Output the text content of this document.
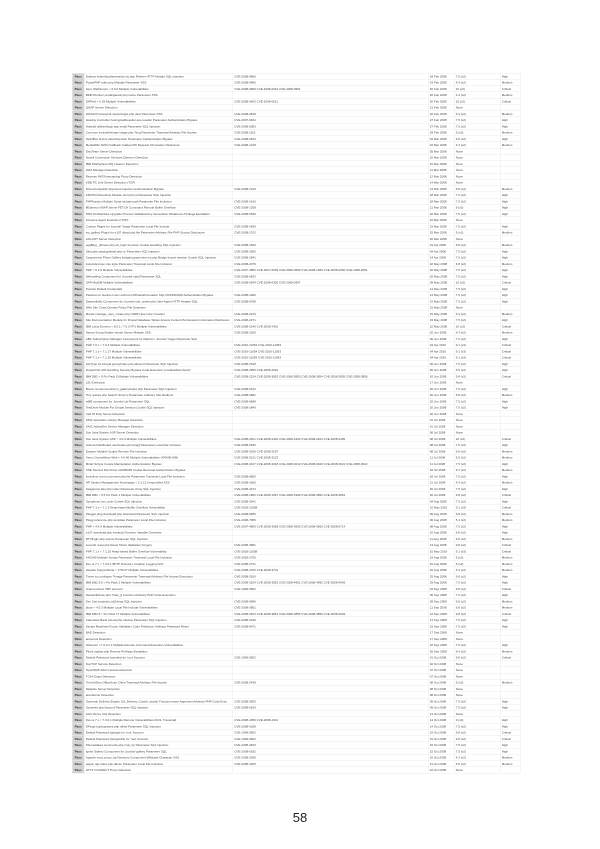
Pass	Dokeos index/dochlarents/do.inc.php Referer HTTP Header SQL Injection	CVE-2008-0860	18 Feb 2008	7.5 (v2)	High
Pass	PowerPHP rules.php Multiple Parameter XSS	CVE-2008-0996	19 Feb 2008	4.3 (v2)	Medium
Pass	Hero WebServer < 6.0.0 Multiple Vulnerabilities	CVE-2008-0969 CVE-2008-0916 CVE-2008-0951	20 Feb 2008	10 (v2)	Critical
Pass	B&B Plumber portal/gaucal.php name Parameter XSS		20 Feb 2008	4.3 (v2)	Medium
Pass	DiFRed < 0.29 Multiple Vulnerabilities	CVE-2008-0653 CVE-2008-0611	20 Feb 2008	10 (v2)	Critical
Pass	QNAP Server Detection		21 Feb 2008	None	
Pass	DOSAll Framework views/single.php dest Parameter XSS	CVE-2008-0819	22 Feb 2008	4.3 (v2)	Medium
Pass	Hosting Controller hosting/addreseller.asp reseller Parameter Authentication Bypass	CVE-2007-6494	27 Feb 2008	7.5 (v2)	High
Pass	Nukedit utilities/login.asp email Parameter SQL Injection	CVE-2008-0083	27 Feb 2008	7.5 (v2)	High
Pass	Common Include/bin/get-image.php ?img Parameter Traversal Arbitrary File Access	CVE-2008-1116	29 Feb 2008	5 (v2)	Medium
Pass	NetOffice Dwins detect/session Parameter Authentication Bypass	CVE-2008-0544	04 Mar 2008	6.8 (v2)	High
Pass	MediaWiki JSON Callback Crafted API Request Information Disclosure	CVE-2008-1318	04 Mar 2008	4.3 (v2)	Medium
Pass	DiscTeam Server Detection		05 Mar 2008	None	
Pass	Novell Connection Services Daemon Detection		10 Mar 2008	None	
Pass	IBM WebSphere MQ Listener Detection		10 Mar 2008	None	
Pass	AVM Manager Detection		11 Mar 2008	None	
Pass	Reverse NAT/Intercepting Proxy Detection		12 Mar 2008	None	
Pass	KDB PC Link Server Detection (TCP)		14 Mar 2008	None	
Pass	Drivers/vulpublic Argument Injection Authentication Bypass	CVE-2008-1319	14 Mar 2008	6.8 (v2)	Medium
Pass	KDCPC/Ordershop Module print.php id Parameter SQL Injection		18 Mar 2008	7.5 (v2)	High
Pass	PHPAuction Multiple Script include path Parameter File Inclusion	CVE-2008-1416	18 Mar 2008	7.5 (v2)	High
Pass	MDaemon IMAP Server FETCH Command Remote Buffer Overflow	CVE-2008-1358	21 Mar 2008	9 (v2)	High
Pass	DNN DotNetNuke Upgrade Process ValidationKey Generation Weakness Privilege Escalation	CVE-2008-6540	22 Mar 2008	7.5 (v2)	High
Pass	Arcserve Agent Detection (TCP)		22 Mar 2008	None	
Pass	Custom Pages for Joomla! ?page Parameter Local File Include	CVE-2008-1459	23 Mar 2008	7.5 (v2)	High
Pass	my_gallery Plugin for e107 dload.php file Parameter Arbitrary File PHP Source Disclosure	CVE-2008-1702	25 Mar 2008	5 (v2)	Medium
Pass	AOLUNT Server Detection		26 Mar 2008	None	
Pass	eggBlog _lib/user.php eb_login Function Cookie Handling SQL Injection	CVE-2008-1626	01 Apr 2008	6.8 (v2)	Medium
Pass	SiteLight catalog/detail.php no Parameter SQL Injection	CVE-2008-1850	04 Apr 2008	7.5 (v2)	High
Pass	Coppermine Photo Gallery bridge/coppermine.inc.php Bridge Import session Cookie SQL Injection	CVE-2008-1841	14 Apr 2008	7.5 (v2)	High
Pass	Autoindex/use Use style Parameter Traversal Local File Inclusion	CVE-2008-2076	02 May 2008	6.8 (v2)	Medium
Pass	PHP < 5.2.6 Multiple Vulnerabilities	CVE-2007-4850 CVE-2007-6039 CVE-2008-0599 CVE-2008-1384 CVE-2008-2050 CVE-2008-2051	02 May 2008	7.5 (v2)	High
Pass	Webcalling Component for Joomla! catid Parameter SQL	CVE-2008-6833	02 May 2008	7.5 (v2)	High
Pass	SAP MaxDB Multiple Vulnerabilities	CVE-2008-0244 CVE-2008-0306 CVE-2008-0307	09 May 2008	10 (v2)	Critical
Pass	Postnet Default Credentials		14 May 2008	7.5 (v2)	High
Pass	Peeknet on Gentoo Linux /etc/conf.d/Peekd/incovation SQL PASSWORD Authentication Bypass	CVE-2008-1990	14 May 2008	7.5 (v2)	High
Pass	Datavisibility Component for Joomla! sub_onsite.php User-Agent HTTP Header SQL	CVE-2008-6338	15 May 2008	7.5 (v2)	High
Pass	Web Site Cross Domain Policy File Detection		15 May 2008	None	
Pass	Mantis manage_user_create.php CSRF New User Creation	CVE-2008-2276	15 May 2008	4.3 (v2)	Medium
Pass	Site Documentation Module for Drupal Database Tables Access Content Permissions Information Disclosure	CVE-2008-2271	19 May 2008	7.5 (v2)	High
Pass	IBM Lotus Domino < 8.0.1 / 7.0.3 FP1 Multiple Vulnerabilities	CVE-2008-2240 CVE-2008-2410	22 May 2008	10 (v2)	Critical
Pass	Nanus Snoop/Snake minute Server Multiple XSS	CVE-2008-2205	02 Jun 2008	4.3 (v2)	Medium
Pass	ABC Subscription Manager Component for Mambo / Joomla! ?page Parameter SQL		06 Jun 2008	7.5 (v2)	High
Pass	PHP 7.0.x < 7.0.4 Multiple Vulnerabilities	CVE-2016-11054 CVE-2016-11053	04 Apr 2016	9.1 (v3)	Critical
Pass	PHP 7.1.x < 7.1.17 Multiple Vulnerabilities	CVE-2016-11054 CVE-2016-11053	04 Apr 2016	9.1 (v3)	Critical
Pass	PHP 7.1.x < 7.1.29 Multiple Vulnerabilities	CVE-2016-11054 CVE-2016-11053	04 Apr 2016	9.1 (v3)	Critical
Pass	LifeType for Drupal group/index.php allcount Parameter SQL Injection	CVE-2008-2618	06 Jun 2008	7.5 (v2)	High
Pass	Drupal File UID Handling Security Bypass Code Execution (unclassified check)	CVE-2008-2655 CVE-2008-2646	06 Jun 2008	6.5 (v2)	High
Pass	IBM DB2 < 9 Fix Pack 5 Multiple Vulnerabilities	CVE-2008-2154 CVE-2008-3852 CVE-2008-3853 CVE-2008-3854 CVE-2008-3855 CVE-2008-3856	10 Jun 2008	9.8 (v2)	Critical
Pass	LSU Detection		17 Jun 2008	None	
Pass	Bosco /components/com_gallery/index.php Parameter SQL Injection	CVE-2008-6122	20 Jun 2008	7.5 (v2)	High
Pass	Tiny quotes.php Search Script q Parameter Arbitrary Site Redirect	CVE-2008-6681	20 Jun 2008	5.8 (v2)	Medium
Pass	mBB component for Joomla! cid Parameter SQL	CVE-2008-6688	20 Jun 2008	7.5 (v2)	High
Pass	TestDrive Module For Drupal Session Cookie SQL Injection	CVE-2008-2840	20 Jun 2008	7.5 (v2)	High
Pass	Call Of Duty Server Detection		20 Jun 2008	None	
Pass	SNIC Aptivation Library Manager Detection		01 Jul 2008	None	
Pass	SNIC AptivaDev Device Manager Detection		01 Jul 2008	None	
Pass	Sun Java System ASP Server Detection		06 Jul 2008	None	
Pass	Sun Java System ASP < 4.0.3 Multiple Vulnerabilities	CVE-2008-2401 CVE-2008-2402 CVE-2008-2403 CVE-2008-2404 CVE-2008-2405	08 Jul 2008	10 (v2)	Critical
Pass	Anterra Dashboard user/index.php lang[] Parameter Local File Inclusion	CVE-2008-6635	08 Jul 2008	7.5 (v2)	High
Pass	Drayton Multiple Scripts Remote File Inclusion	CVE-2008-3196 CVE-2008-3197	08 Jul 2008	6.8 (v2)	Medium
Pass	Xerox CentreWare Web < 4.6.46 Multiple Vulnerabilities (XRX08-009)	CVE-2008-3121 CVE-2008-3122	11 Jul 2008	6.5 (v2)	Medium
Pass	Mirab Scripts Cookie Manipulation Authentication Bypass	CVE-2008-3017 CVE-2008-3018 CVE-2008-3019 CVE-2008-3020 CVE-2008-3021 CVE-2008-3022	11 Jul 2008	7.5 (v2)	High
Pass	CSE Second File Driver C0000005 Cookie Reversal Authentication Bypass		18 Jul 2008	5.1 (v2)	Medium
Pass	fuzzylime (cms) comment.php file Parameter Traversal Local File Inclusion	CVE-2008-6853	18 Jul 2008	7.5 (v2)	High
Pass	HP System Management Homepage < 2.1.12 Unspecified XSS	CVE-2008-1663	21 Jul 2008	4.3 (v2)	Medium
Pass	Seagenius dao.php index Parameter Array SQL Injection	CVE-2008-3274	26 Jul 2008	7.5 (v2)	High
Pass	IBM DB2 < 9.5 Fix Pack 1 Multiple Vulnerabilities	CVE-2008-1966 CVE-2008-1997 CVE-2008-1998 CVE-2008-3852 CVE-2008-3854	30 Jul 2008	9.8 (v2)	Critical
Pass	Symphony /um_auth Cookie SQL Injection	CVE-2008-3041	04 Aug 2008	7.5 (v2)	High
Pass	PHP 7.1.x < 7.1.3 Heap-based Buffer Overflow Vulnerability	CVE-2018-11058	10 May 2019	9.1 (v3)	Critical
Pass	Plugget plug download.php download Parameter SQL Injection	CVE-2008-6655	06 Aug 2008	6.8 (v2)	Medium
Pass	Plogg reference.php template Parameter Local File Inclusion	CVE-2008-7065	06 Aug 2008	5.1 (v2)	Medium
Pass	PHP < 4.4.9 Multiple Vulnerabilities	CVE-2007-4850 CVE-2008-3658 CVE-2008-3659 CVE-2008-3660 CVE-2008-5714	08 Aug 2008	7.5 (v2)	High
Pass	e107 download.php extract() Function Variable Overwrite		10 Aug 2008	6.8 (v2)	High
Pass	RTV/login.php scanto Parameter SQL Injection		11 Aug 2008	6.8 (v2)	Medium
Pass	Joomla! reset.php Reset Token Validation Forgery	CVE-2008-3681	13 Aug 2008	9.8 (v2)	Critical
Pass	PHP 7.1.x < 7.1.19 Heap-based Buffer Overflow Vulnerability	CVE-2018-11058	10 May 2019	9.1 (v3)	Critical
Pass	AHCMS Multiple Scripts Parameter Traversal Local File Inclusion	CVE-2018-2706	19 Aug 2008	5 (v2)	Medium
Pass	Zen-ui 7.x < 7.3.0.1 BFTP Directory Creation Logging DoS	CVE-2008-3731	22 Aug 2008	5 (v2)	Medium
Pass	Hayabo SupportSuite < 3.50.07 Multiple Vulnerabilities	CVE-2008-3700 CVE-2008-3701	22 Aug 2008	4.3 (v2)	Medium
Pass	Thrive ico.configure ?image Parameter Traversal Arbitrary File Access Execution	CVE-2008-3160	25 Aug 2008	6.8 (v2)	High
Pass	IBM DB2 9.5 < Fix Pack 2 Multiple Vulnerabilities	CVE-2008-3154 CVE-2008-3852 CVE-2008-4991 CVE-2008-4992 CVE-2008-4993	29 Aug 2008	7.5 (v2)	High
Pass	Unaccounted: XBX account	CVE-1999-0502	04 Sep 2008	9.8 (v2)	Critical
Pass	Nessie/fprbuie.php ?cats_[] Function Arbitrary PHP Code Execution		05 Sep 2008	7.5 (v2)	High
Pass	Zen Cart products_id[] Array SQL Injection	CVE-2008-6986	09 Sep 2008	6.8 (v2)	Medium
Pass	pluck < 4.5.3 Multiple Local File Include Vulnerabilities	CVE-2008-3851	11 Sep 2008	6.8 (v2)	Medium
Pass	IBM DB2 9 < Fix Pack 17 Multiple Vulnerabilities	CVE-2008-3154 CVE-2008-3854 CVE-2008-3855 CVE-2008-3856 CVE-2008-4993	12 Sep 2008	9.8 (v2)	Critical
Pass	Calendars Bank cal.cal.php calview Parameter SQL Injection	CVE-2008-3439	14 Sep 2008	7.5 (v2)	High
Pass	Simple Machines Forum Validation Code Prediction Arbitrary Password Reset	CVE-2008-6971	15 Sep 2008	7.5 (v2)	High
Pass	BAD Detection		17 Sep 2008	None	
Pass	autounus Detection		17 Sep 2008	None	
Pass	Observer <= 0.3.2.1 Multiple Remote Command Execution Vulnerabilities		22 Sep 2008	7.5 (v2)	High
Pass	Plunk update.php Remote Privilege Escalation		26 Sep 2008	6.4 (v2)	Medium
Pass	Default Password (cambia) for 'root' Account	CVE-1999-0502	01 Oct 2008	9.8 (v2)	Critical
Pass	DocTCP Service Detection		02 Oct 2008	None	
Pass	OpenNMS Web Console Detection		07 Oct 2008	None	
Pass	TCIH Drupe Detection		07 Oct 2008	None	
Pass	Trend Micro OfficeScan Client Traversal Arbitrary File Access	CVE-2008-2438	08 Oct 2008	5 (v2)	Medium
Pass	Datasite Server Detection		08 Oct 2008	None	
Pass	autoServer Detection		08 Oct 2008	None	
Pass	Openedu Delivery Engine OA_Delivery_Cache_store() Function name Argument Arbitrary PHP Code Exec	CVE-2008-3833	09 Oct 2008	7.5 (v2)	High
Pass	Opnerlex.php barcord Parameter SQL Injection	CVE-2008-6183	09 Oct 2008	7.5 (v2)	High
Pass	AGU Demo CGI Detection		14 Oct 2008	None	
Pass	Zen-ui 7.x < 7.3.0.1 Multiple Remote Vulnerabilities (DoS, Traversal)	CVE-2008-4050 CVE-2008-4441	14 Oct 2008	9 (v2)	High
Pass	DFinge top/topcases.php offset Parameter SQL Injection	CVE-2008-6188	14 Oct 2008	7.5 (v2)	High
Pass	Default Password (ghoge) for 'root' Account	CVE-1999-0502	15 Oct 2008	9.8 (v2)	Critical
Pass	Default Password (letspa123) for 'root' Account	CVE-1999-0502	15 Oct 2008	9.8 (v2)	Critical
Pass	Phomeltakes comments.php cost_by Parameter SQL Injection	CVE-2008-4643	15 Oct 2008	7.5 (v2)	High
Pass	Ignite Gallery Component for Joomla! gallery Parameter SQL	CVE-2008-6182	15 Oct 2008	7.5 (v2)	High
Pass	Apache mod_proxy_ftp Directory Component Wildcard Character XSS	CVE-2008-2939	16 Oct 2008	4.3 (v2)	Medium
Pass	pappo rap index.php album Parameter Local File Inclusion	CVE-2008-4625	21 Oct 2008	6.8 (v2)	Medium
Pass	HTTP CONNECT Proxy Detection		22 Oct 2008	None	
58
